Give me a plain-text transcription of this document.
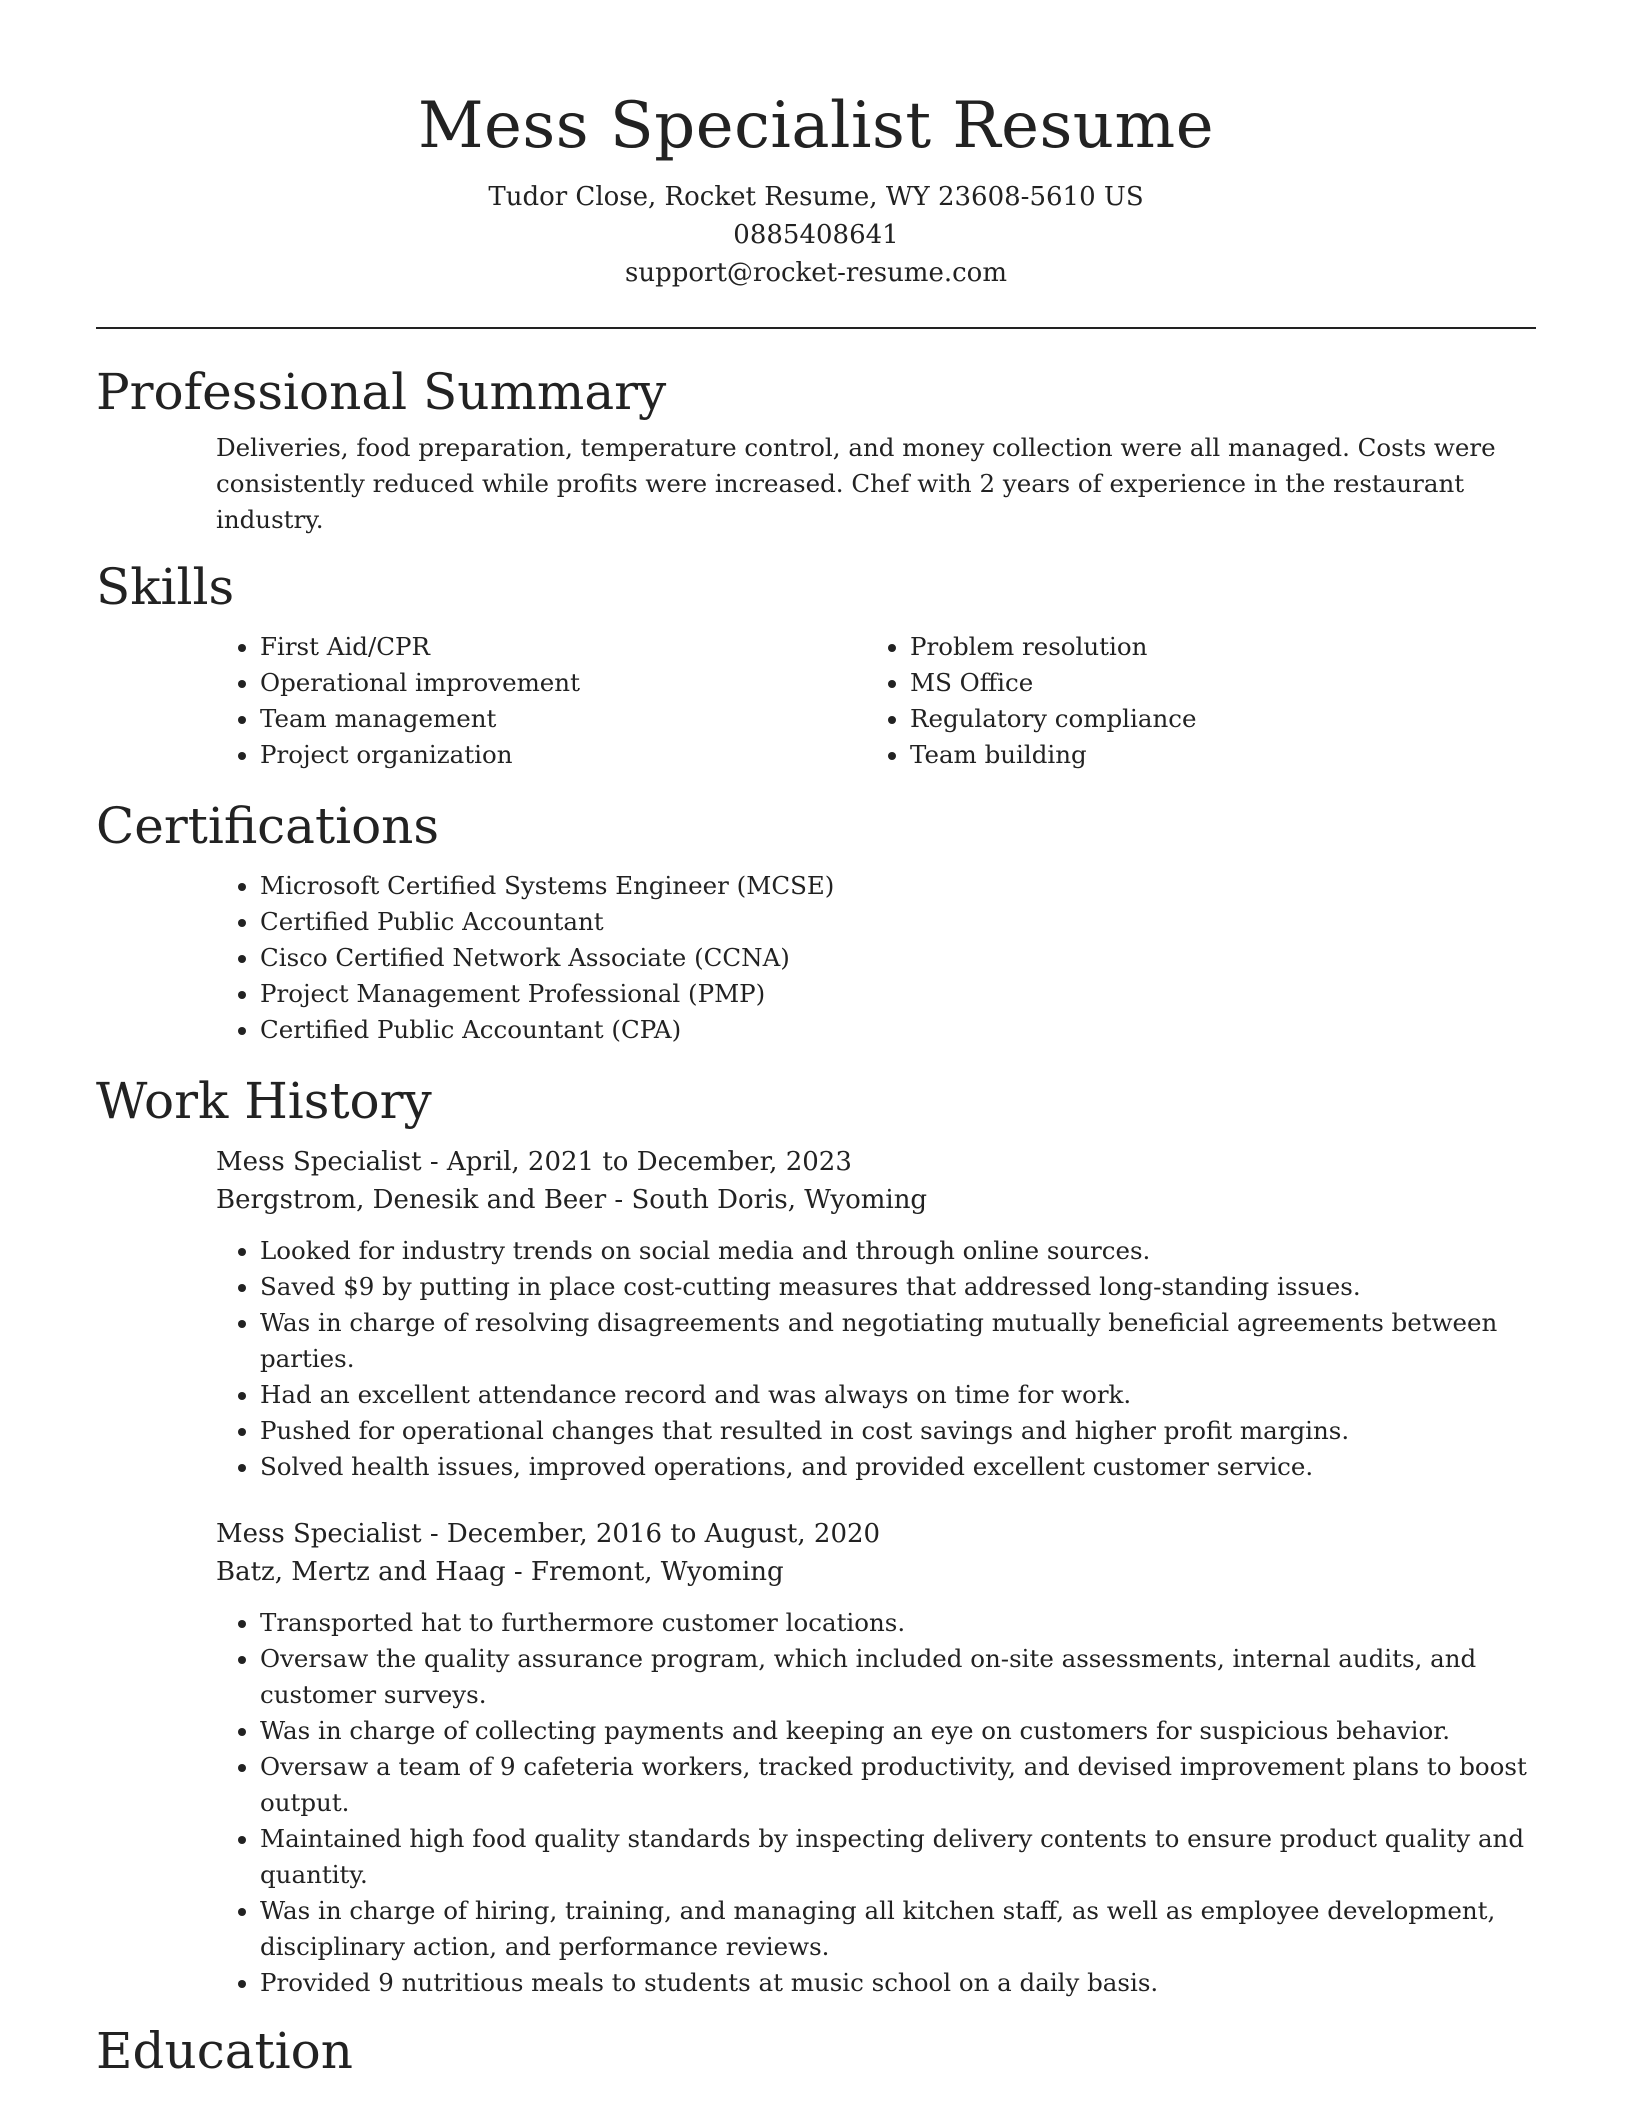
Mess Specialist Resume

Tudor Close, Rocket Resume, WY 23608-5610 US

0885408641

support@rocket-resume.com

Professional Summary

Deliveries, food preparation, temperature control, and money collection were all managed. Costs were consistently reduced while profits were increased. Chef with 2 years of experience in the restaurant industry.

Skills
• First Aid/CPR
• Operational improvement
• Team management
• Project organization
• Problem resolution
• MS Office
• Regulatory compliance
• Team building
Certifications
• Microsoft Certified Systems Engineer (MCSE)
• Certified Public Accountant
• Cisco Certified Network Associate (CCNA)
• Project Management Professional (PMP)
• Certified Public Accountant (CPA)
Work History
Mess Specialist - April, 2021 to December, 2023
Bergstrom, Denesik and Beer - South Doris, Wyoming
• Looked for industry trends on social media and through online sources.
• Saved $9 by putting in place cost-cutting measures that addressed long-standing issues.
• Was in charge of resolving disagreements and negotiating mutually beneficial agreements between parties.
• Had an excellent attendance record and was always on time for work.
• Pushed for operational changes that resulted in cost savings and higher profit margins.
• Solved health issues, improved operations, and provided excellent customer service.
Mess Specialist - December, 2016 to August, 2020
Batz, Mertz and Haag - Fremont, Wyoming
• Transported hat to furthermore customer locations.
• Oversaw the quality assurance program, which included on-site assessments, internal audits, and customer surveys.
• Was in charge of collecting payments and keeping an eye on customers for suspicious behavior.
• Oversaw a team of 9 cafeteria workers, tracked productivity, and devised improvement plans to boost output.
• Maintained high food quality standards by inspecting delivery contents to ensure product quality and quantity.
• Was in charge of hiring, training, and managing all kitchen staff, as well as employee development, disciplinary action, and performance reviews.
• Provided 9 nutritious meals to students at music school on a daily basis.
Education
